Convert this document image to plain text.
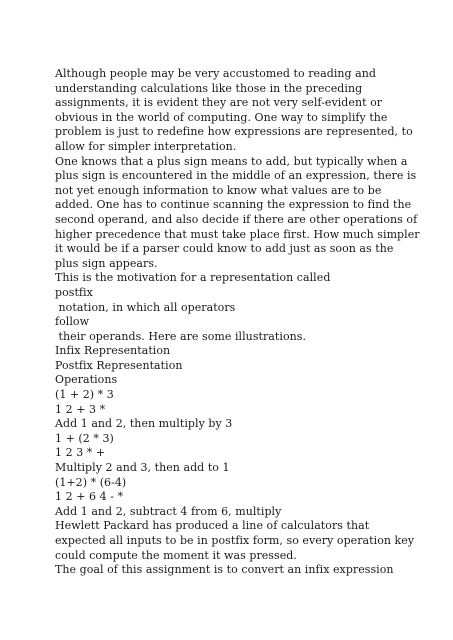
Although people may be very accustomed to reading and
understanding calculations like those in the preceding
assignments, it is evident they are not very self-evident or
obvious in the world of computing. One way to simplify the
problem is just to redefine how expressions are represented, to
allow for simpler interpretation.
One knows that a plus sign means to add, but typically when a
plus sign is encountered in the middle of an expression, there is
not yet enough information to know what values are to be
added. One has to continue scanning the expression to find the
second operand, and also decide if there are other operations of
higher precedence that must take place first. How much simpler
it would be if a parser could know to add just as soon as the
plus sign appears.
This is the motivation for a representation called
postfix
notation, in which all operators
follow
their operands. Here are some illustrations.
Infix Representation
Postfix Representation
Operations
(1 + 2) * 3
1 2 + 3 *
Add 1 and 2, then multiply by 3
1 + (2 * 3)
1 2 3 * +
Multiply 2 and 3, then add to 1
(1+2) * (6-4)
1 2 + 6 4 - *
Add 1 and 2, subtract 4 from 6, multiply
Hewlett Packard has produced a line of calculators that
expected all inputs to be in postfix form, so every operation key
could compute the moment it was pressed.
The goal of this assignment is to convert an infix expression
